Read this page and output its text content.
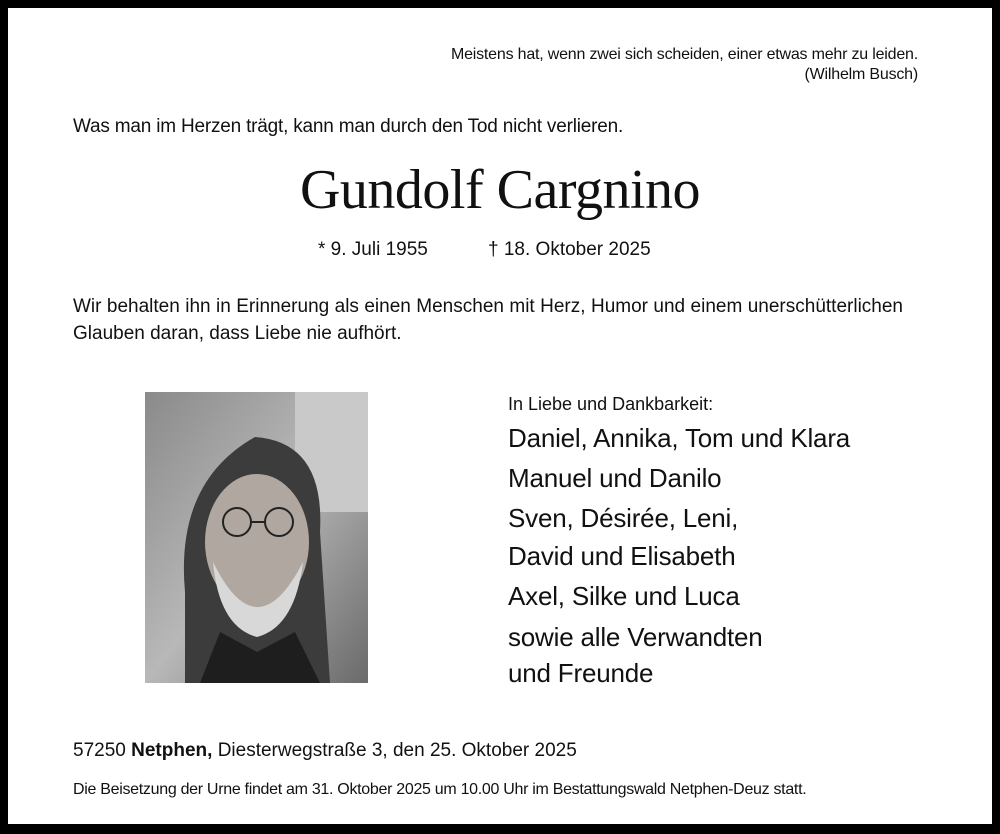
Meistens hat, wenn zwei sich scheiden, einer etwas mehr zu leiden.
(Wilhelm Busch)
Was man im Herzen trägt, kann man durch den Tod nicht verlieren.
Gundolf Cargnino
* 9. Juli 1955	† 18. Oktober 2025
Wir behalten ihn in Erinnerung als einen Menschen mit Herz, Humor und einem unerschütterlichen Glauben daran, dass Liebe nie aufhört.
In Liebe und Dankbarkeit:
Daniel, Annika, Tom und Klara
Manuel und Danilo
Sven, Désirée, Leni,
David und Elisabeth
Axel, Silke und Luca
sowie alle Verwandten
und Freunde
57250 Netphen, Diesterwegstraße 3, den 25. Oktober 2025
Die Beisetzung der Urne findet am 31. Oktober 2025 um 10.00 Uhr im Bestattungswald Netphen-Deuz statt.
